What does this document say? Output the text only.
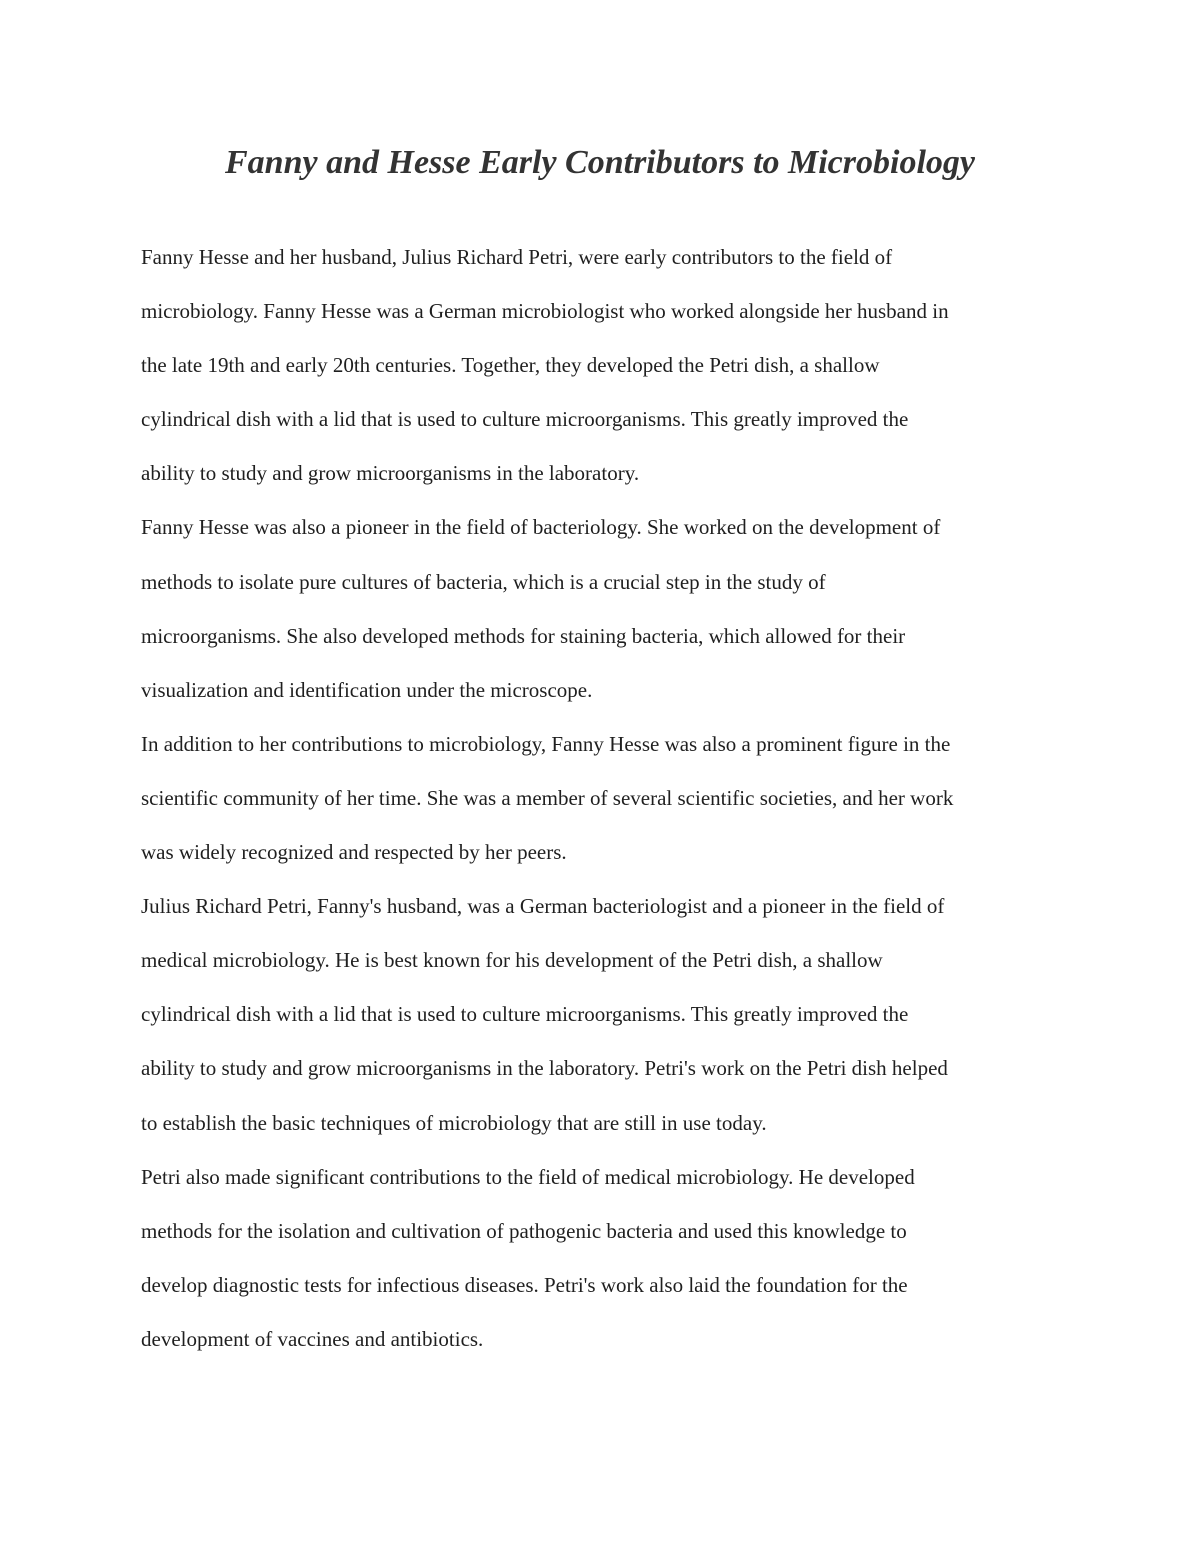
Fanny and Hesse Early Contributors to Microbiology
Fanny Hesse and her husband, Julius Richard Petri, were early contributors to the field of
microbiology. Fanny Hesse was a German microbiologist who worked alongside her husband in
the late 19th and early 20th centuries. Together, they developed the Petri dish, a shallow
cylindrical dish with a lid that is used to culture microorganisms. This greatly improved the
ability to study and grow microorganisms in the laboratory.
Fanny Hesse was also a pioneer in the field of bacteriology. She worked on the development of
methods to isolate pure cultures of bacteria, which is a crucial step in the study of
microorganisms. She also developed methods for staining bacteria, which allowed for their
visualization and identification under the microscope.
In addition to her contributions to microbiology, Fanny Hesse was also a prominent figure in the
scientific community of her time. She was a member of several scientific societies, and her work
was widely recognized and respected by her peers.
Julius Richard Petri, Fanny's husband, was a German bacteriologist and a pioneer in the field of
medical microbiology. He is best known for his development of the Petri dish, a shallow
cylindrical dish with a lid that is used to culture microorganisms. This greatly improved the
ability to study and grow microorganisms in the laboratory. Petri's work on the Petri dish helped
to establish the basic techniques of microbiology that are still in use today.
Petri also made significant contributions to the field of medical microbiology. He developed
methods for the isolation and cultivation of pathogenic bacteria and used this knowledge to
develop diagnostic tests for infectious diseases. Petri's work also laid the foundation for the
development of vaccines and antibiotics.
